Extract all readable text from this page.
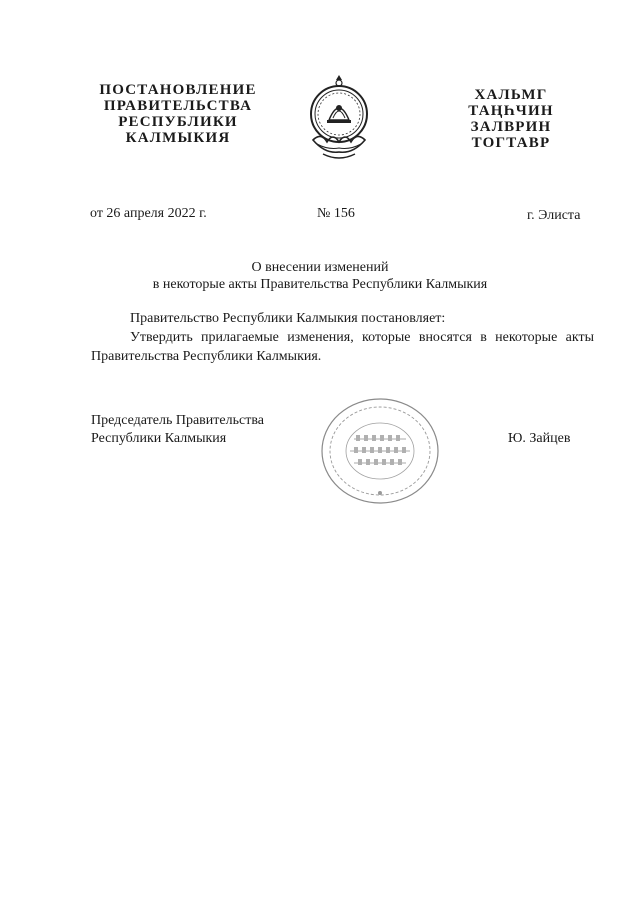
ПОСТАНОВЛЕНИЕ
ПРАВИТЕЛЬСТВА
РЕСПУБЛИКИ
КАЛМЫКИЯ
ХАЛЬМГ
ТАҢҺЧИН
ЗАЛВРИН
ТОГТАВР
от 26 апреля 2022 г.	№ 156	г. Элиста
О внесении изменений
в некоторые акты Правительства Республики Калмыкия
Правительство Республики Калмыкия постановляет:
Утвердить прилагаемые изменения, которые вносятся в некоторые акты Правительства Республики Калмыкия.
Председатель Правительства
Республики Калмыкия	Ю. Зайцев
